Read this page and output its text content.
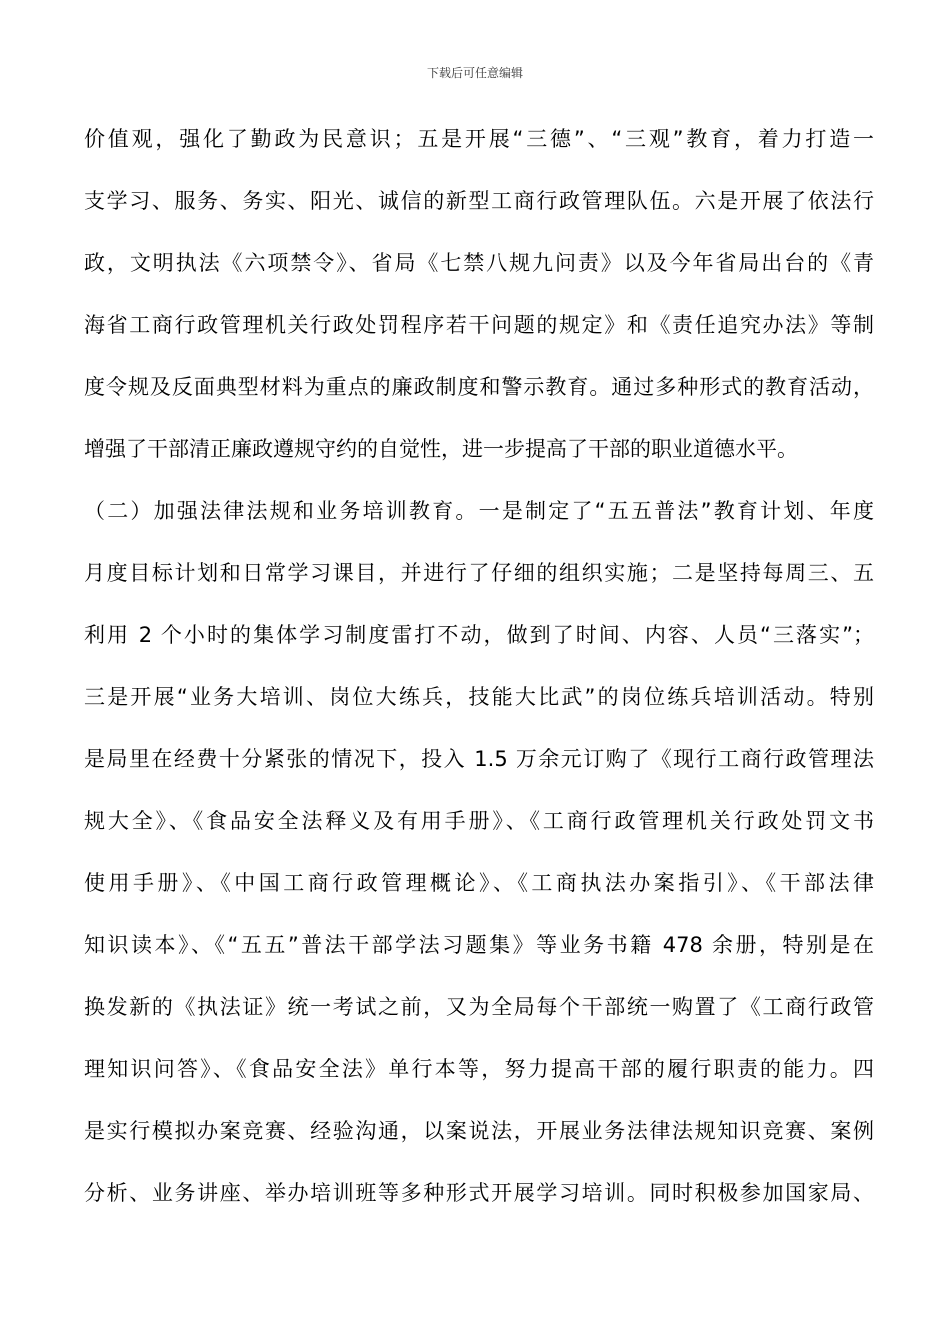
下载后可任意编辑
价值观，强化了勤政为民意识；五是开展“三德”、“三观”教育，着力打造一
支学习、服务、务实、阳光、诚信的新型工商行政管理队伍。六是开展了依法行
政，文明执法《六项禁令》、省局《七禁八规九问责》以及今年省局出台的《青
海省工商行政管理机关行政处罚程序若干问题的规定》和《责任追究办法》等制
度令规及反面典型材料为重点的廉政制度和警示教育。通过多种形式的教育活动，
增强了干部清正廉政遵规守约的自觉性，进一步提高了干部的职业道德水平。
（二）加强法律法规和业务培训教育。一是制定了“五五普法”教育计划、年度
月度目标计划和日常学习课目，并进行了仔细的组织实施；二是坚持每周三、五
利用 2 个小时的集体学习制度雷打不动，做到了时间、内容、人员“三落实”；
三是开展“业务大培训、岗位大练兵，技能大比武”的岗位练兵培训活动。特别
是局里在经费十分紧张的情况下，投入 1.5 万余元订购了《现行工商行政管理法
规大全》、《食品安全法释义及有用手册》、《工商行政管理机关行政处罚文书
使用手册》、《中国工商行政管理概论》、《工商执法办案指引》、《干部法律
知识读本》、《“五五”普法干部学法习题集》等业务书籍 478 余册，特别是在
换发新的《执法证》统一考试之前，又为全局每个干部统一购置了《工商行政管
理知识问答》、《食品安全法》单行本等，努力提高干部的履行职责的能力。四
是实行模拟办案竞赛、经验沟通，以案说法，开展业务法律法规知识竞赛、案例
分析、业务讲座、举办培训班等多种形式开展学习培训。同时积极参加国家局、
